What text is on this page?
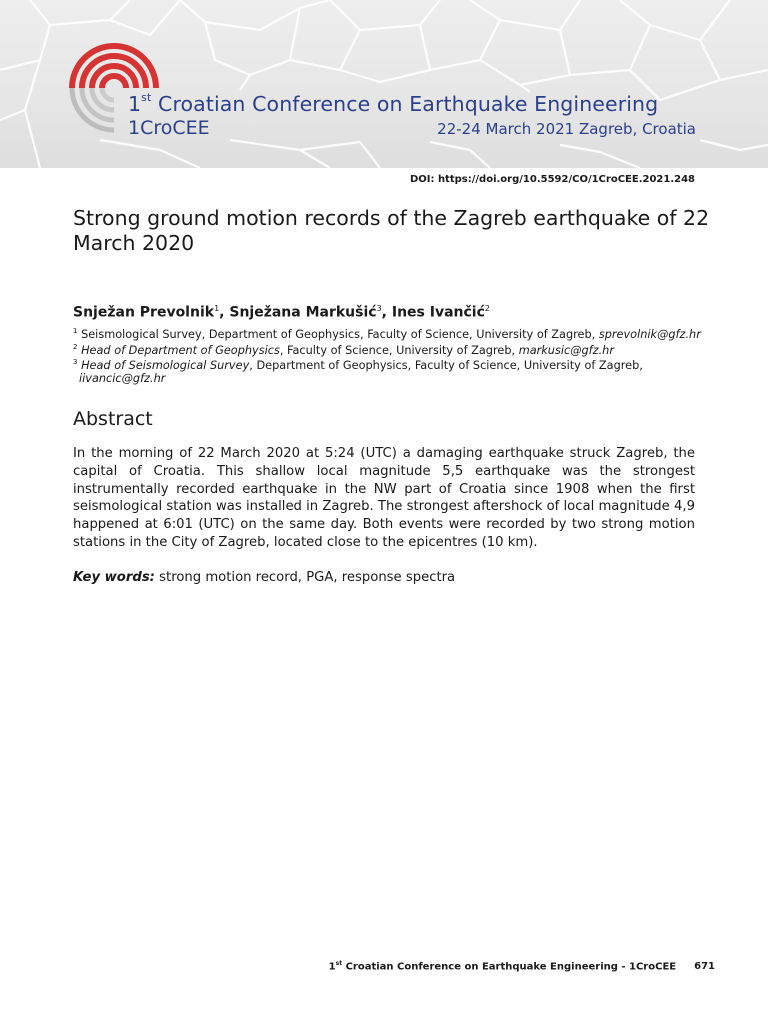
1st Croatian Conference on Earthquake Engineering
1CroCEE	22-24 March 2021 Zagreb, Croatia
DOI: https://doi.org/10.5592/CO/1CroCEE.2021.248
Strong ground motion records of the Zagreb earthquake of 22 March 2020

Snježan Prevolnik$^1$, Snježana Markušić$^3$, Ines Ivančić$^2$

$^1$ Seismological Survey, Department of Geophysics, Faculty of Science, University of Zagreb, sprevolnik@gfz.hr
$^2$ Head of Department of Geophysics, Faculty of Science, University of Zagreb, markusic@gfz.hr
$^3$ Head of Seismological Survey, Department of Geophysics, Faculty of Science, University of Zagreb,
iivancic@gfz.hr
Abstract

In the morning of 22 March 2020 at 5:24 (UTC) a damaging earthquake struck Zagreb, the capital of Croatia. This shallow local magnitude 5,5 earthquake was the strongest instrumentally recorded earthquake in the NW part of Croatia since 1908 when the first seismological station was installed in Zagreb. The strongest aftershock of local magnitude 4,9 happened at 6:01 (UTC) on the same day. Both events were recorded by two strong motion stations in the City of Zagreb, located close to the epicentres (10 km).

Key words: strong motion record, PGA, response spectra

1st Croatian Conference on Earthquake Engineering - 1CroCEE 671
